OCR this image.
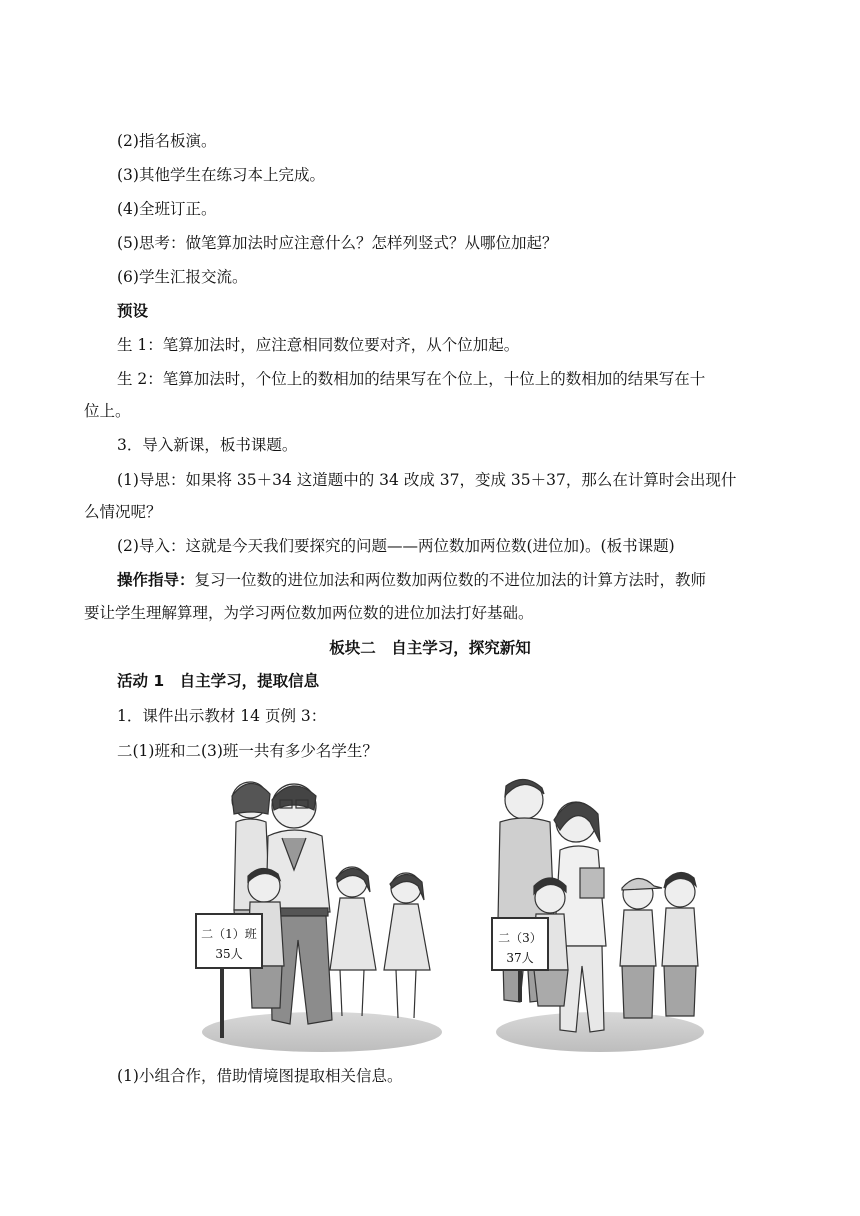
(2)指名板演。
(3)其他学生在练习本上完成。
(4)全班订正。
(5)思考：做笔算加法时应注意什么？怎样列竖式？从哪位加起？
(6)学生汇报交流。
预设
生 1：笔算加法时，应注意相同数位要对齐，从个位加起。
生 2：笔算加法时，个位上的数相加的结果写在个位上，十位上的数相加的结果写在十
位上。
3．导入新课，板书课题。
(1)导思：如果将 35＋34 这道题中的 34 改成 37，变成 35＋37，那么在计算时会出现什
么情况呢？
(2)导入：这就是今天我们要探究的问题——两位数加两位数(进位加)。(板书课题)
操作指导：复习一位数的进位加法和两位数加两位数的不进位加法的计算方法时，教师
要让学生理解算理，为学习两位数加两位数的进位加法打好基础。
板块二　自主学习，探究新知
活动 1　自主学习，提取信息
1．课件出示教材 14 页例 3：
二(1)班和二(3)班一共有多少名学生？
二（1）班
35人
二（3）
37人
(1)小组合作，借助情境图提取相关信息。
